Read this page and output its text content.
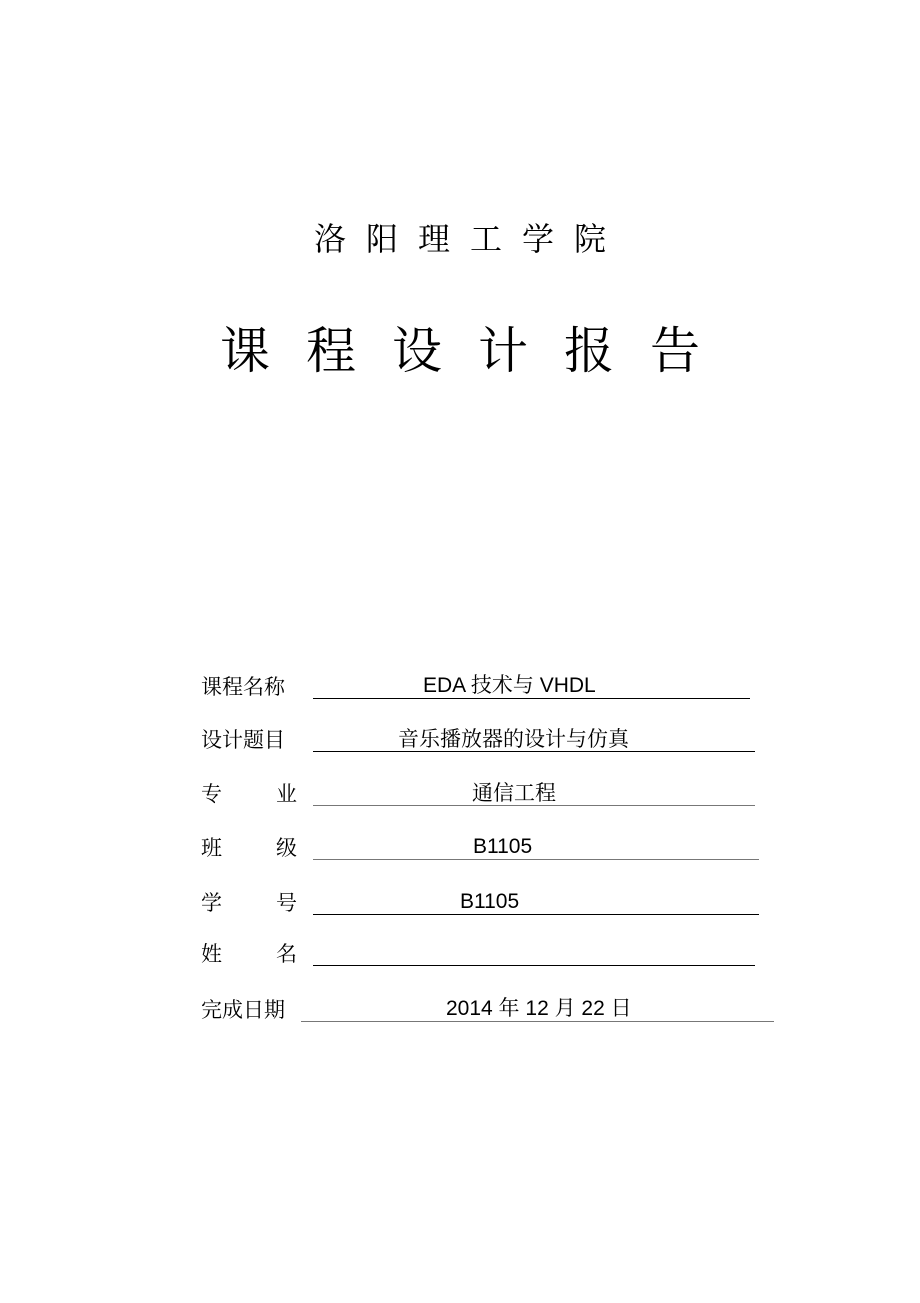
洛阳理工学院
课程设计报告
课程名称	EDA 技术与 VHDL
设计题目	音乐播放器的设计与仿真
专	业	通信工程
班	级	B1105
学	号	B1105
姓	名
完成日期	2014 年 12 月 22 日
